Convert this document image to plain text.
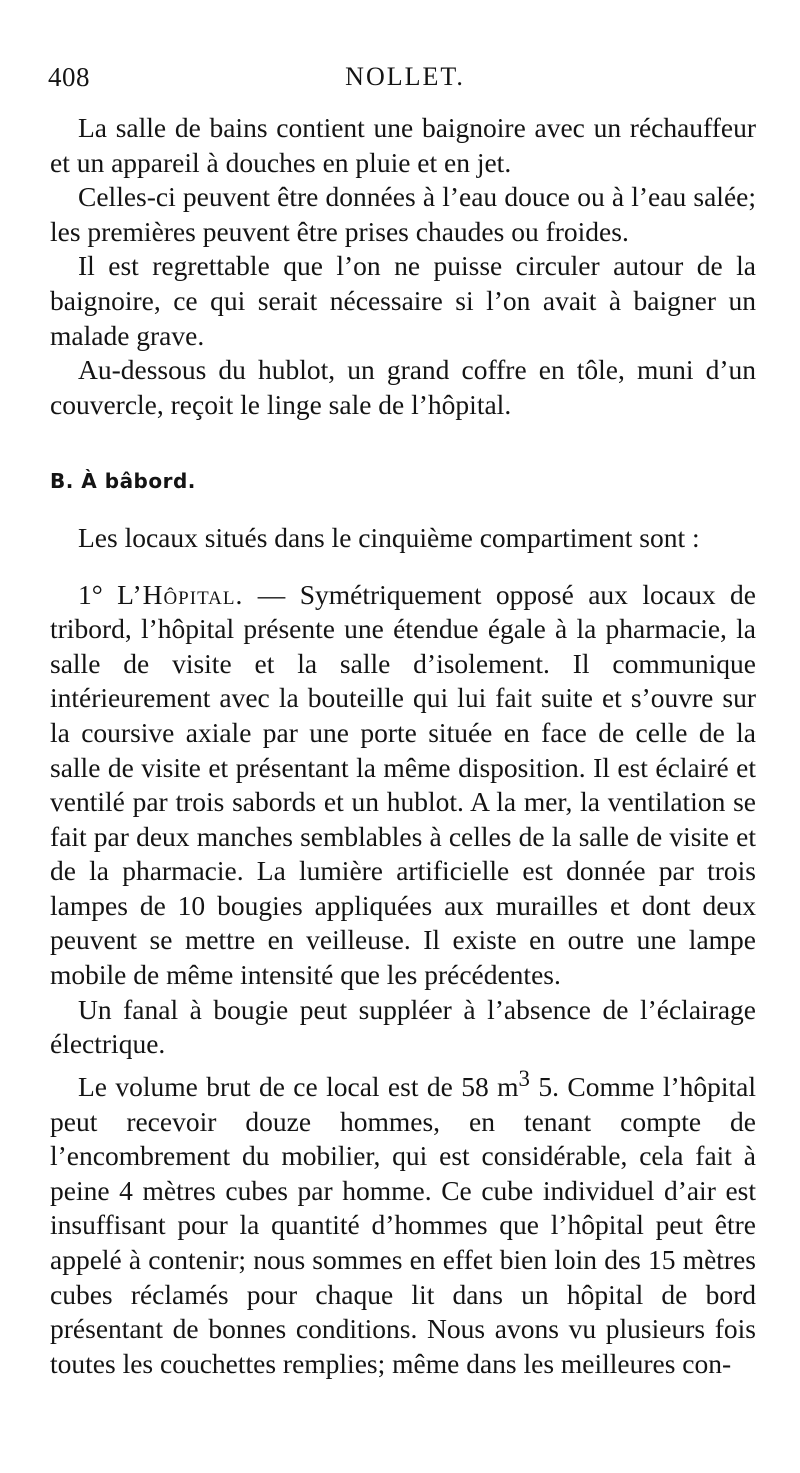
408	NOLLET.

La salle de bains contient une baignoire avec un réchauffeur et un appareil à douches en pluie et en jet.

Celles-ci peuvent être données à l’eau douce ou à l’eau salée; les premières peuvent être prises chaudes ou froides.

Il est regrettable que l’on ne puisse circuler autour de la baignoire, ce qui serait nécessaire si l’on avait à baigner un malade grave.

Au-dessous du hublot, un grand coffre en tôle, muni d’un couvercle, reçoit le linge sale de l’hôpital.

B. À bâbord.

Les locaux situés dans le cinquième compartiment sont :

1° L’Hôpital. — Symétriquement opposé aux locaux de tribord, l’hôpital présente une étendue égale à la pharmacie, la salle de visite et la salle d’isolement. Il communique intérieurement avec la bouteille qui lui fait suite et s’ouvre sur la coursive axiale par une porte située en face de celle de la salle de visite et présentant la même disposition. Il est éclairé et ventilé par trois sabords et un hublot. A la mer, la ventilation se fait par deux manches semblables à celles de la salle de visite et de la pharmacie. La lumière artificielle est donnée par trois lampes de 10 bougies appliquées aux murailles et dont deux peuvent se mettre en veilleuse. Il existe en outre une lampe mobile de même intensité que les précédentes.

Un fanal à bougie peut suppléer à l’absence de l’éclairage électrique.

Le volume brut de ce local est de 58 $m^3$ 5. Comme l’hôpital peut recevoir douze hommes, en tenant compte de l’encombrement du mobilier, qui est considérable, cela fait à peine 4 mètres cubes par homme. Ce cube individuel d’air est insuffisant pour la quantité d’hommes que l’hôpital peut être appelé à contenir; nous sommes en effet bien loin des 15 mètres cubes réclamés pour chaque lit dans un hôpital de bord présentant de bonnes conditions. Nous avons vu plusieurs fois toutes les couchettes remplies; même dans les meilleures con-
